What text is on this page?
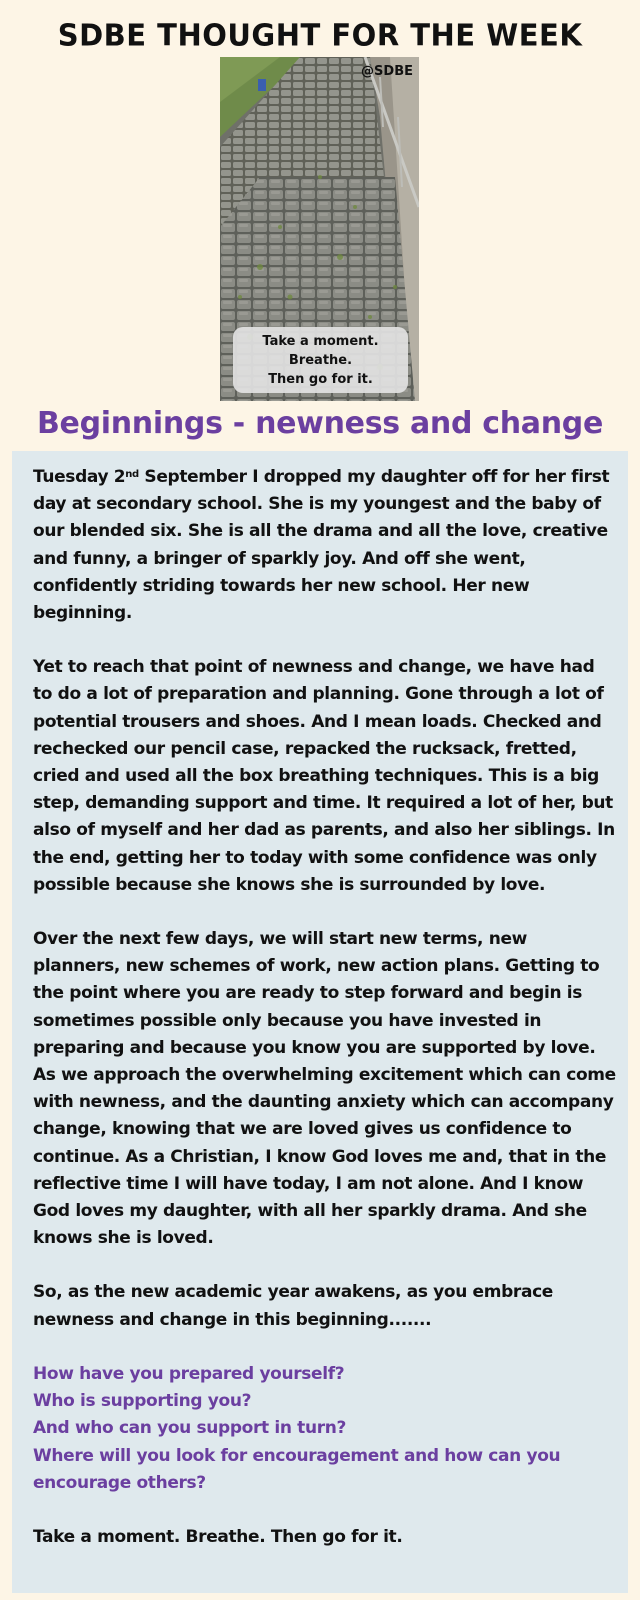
SDBE THOUGHT FOR THE WEEK
@SDBE
Take a moment.
Breathe.
Then go for it.
Beginnings - newness and change

Tuesday 2nd September I dropped my daughter off for her first day at secondary school. She is my youngest and the baby of our blended six. She is all the drama and all the love, creative and funny, a bringer of sparkly joy. And off she went, confidently striding towards her new school. Her new beginning.

Yet to reach that point of newness and change, we have had to do a lot of preparation and planning. Gone through a lot of potential trousers and shoes. And I mean loads. Checked and rechecked our pencil case, repacked the rucksack, fretted, cried and used all the box breathing techniques. This is a big step, demanding support and time. It required a lot of her, but also of myself and her dad as parents, and also her siblings. In the end, getting her to today with some confidence was only possible because she knows she is surrounded by love.

Over the next few days, we will start new terms, new planners, new schemes of work, new action plans. Getting to the point where you are ready to step forward and begin is sometimes possible only because you have invested in preparing and because you know you are supported by love. As we approach the overwhelming excitement which can come with newness, and the daunting anxiety which can accompany change, knowing that we are loved gives us confidence to continue. As a Christian, I know God loves me and, that in the reflective time I will have today, I am not alone. And I know God loves my daughter, with all her sparkly drama. And she knows she is loved.

So, as the new academic year awakens, as you embrace newness and change in this beginning.......

How have you prepared yourself?
Who is supporting you?
And who can you support in turn?
Where will you look for encouragement and how can you encourage others?

Take a moment. Breathe. Then go for it.
